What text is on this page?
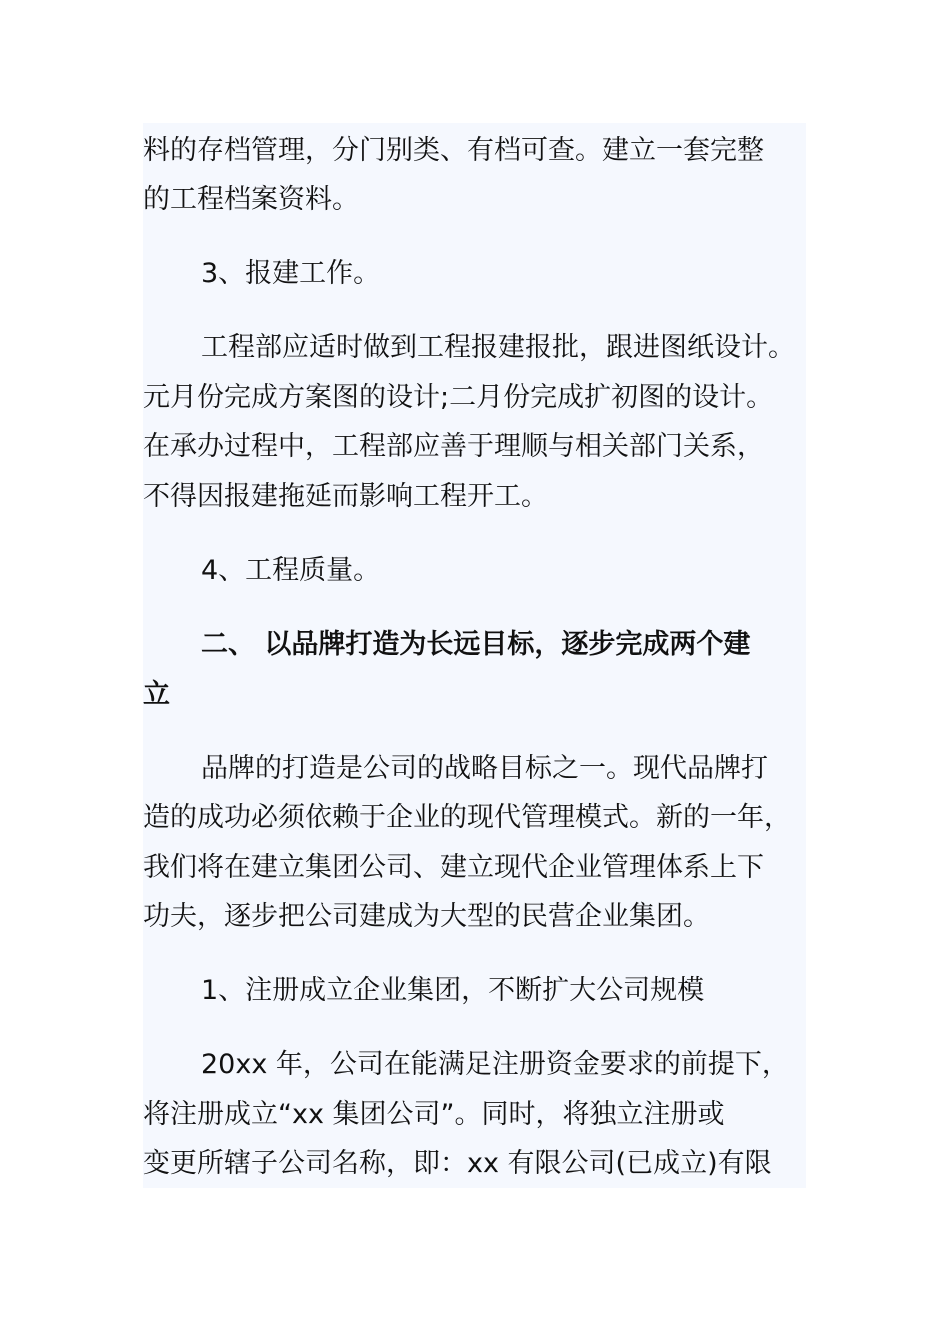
料的存档管理，分门别类、有档可查。建立一套完整
的工程档案资料。
3、报建工作。
工程部应适时做到工程报建报批，跟进图纸设计。
元月份完成方案图的设计;二月份完成扩初图的设计。
在承办过程中，工程部应善于理顺与相关部门关系，
不得因报建拖延而影响工程开工。
4、工程质量。
二、 以品牌打造为长远目标，逐步完成两个建
立
品牌的打造是公司的战略目标之一。现代品牌打
造的成功必须依赖于企业的现代管理模式。新的一年，
我们将在建立集团公司、建立现代企业管理体系上下
功夫，逐步把公司建成为大型的民营企业集团。
1、注册成立企业集团，不断扩大公司规模
20xx 年，公司在能满足注册资金要求的前提下，
将注册成立“xx 集团公司”。同时，将独立注册或
变更所辖子公司名称，即：xx 有限公司(已成立)有限
